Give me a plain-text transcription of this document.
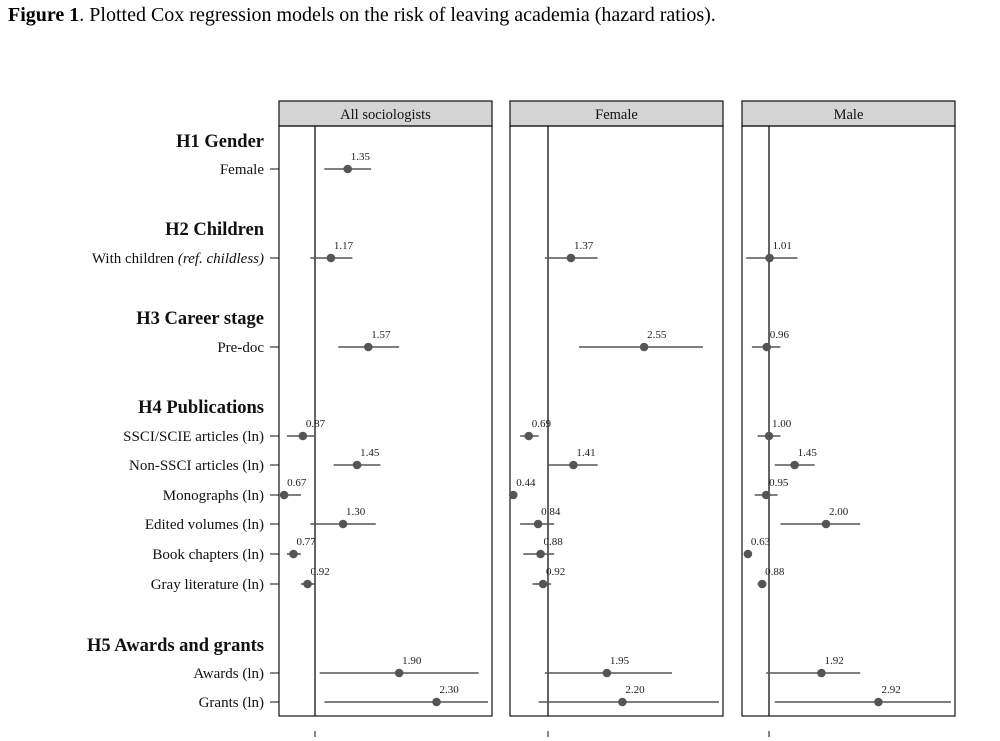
Figure 1. Plotted Cox regression models on the risk of leaving academia (hazard ratios).
All sociologists	Female	Male
H1 Gender
Female
H2 Children
With children (ref. childless)
H3 Career stage
Pre-doc
H4 Publications
SSCI/SCIE articles (ln)
Non-SSCI articles (ln)
Monographs (ln)
Edited volumes (ln)
Book chapters (ln)
Gray literature (ln)
H5 Awards and grants
Awards (ln)
Grants (ln)
1.35
1.17
1.57
0.87
1.45
0.67
1.30
0.77
0.92
1.90
2.30
1.37
2.55
0.69
1.41
0.44
0.84
0.88
0.92
1.95
2.20
1.01
0.96
1.00
1.45
0.95
2.00
0.63
0.88
1.92
2.92
